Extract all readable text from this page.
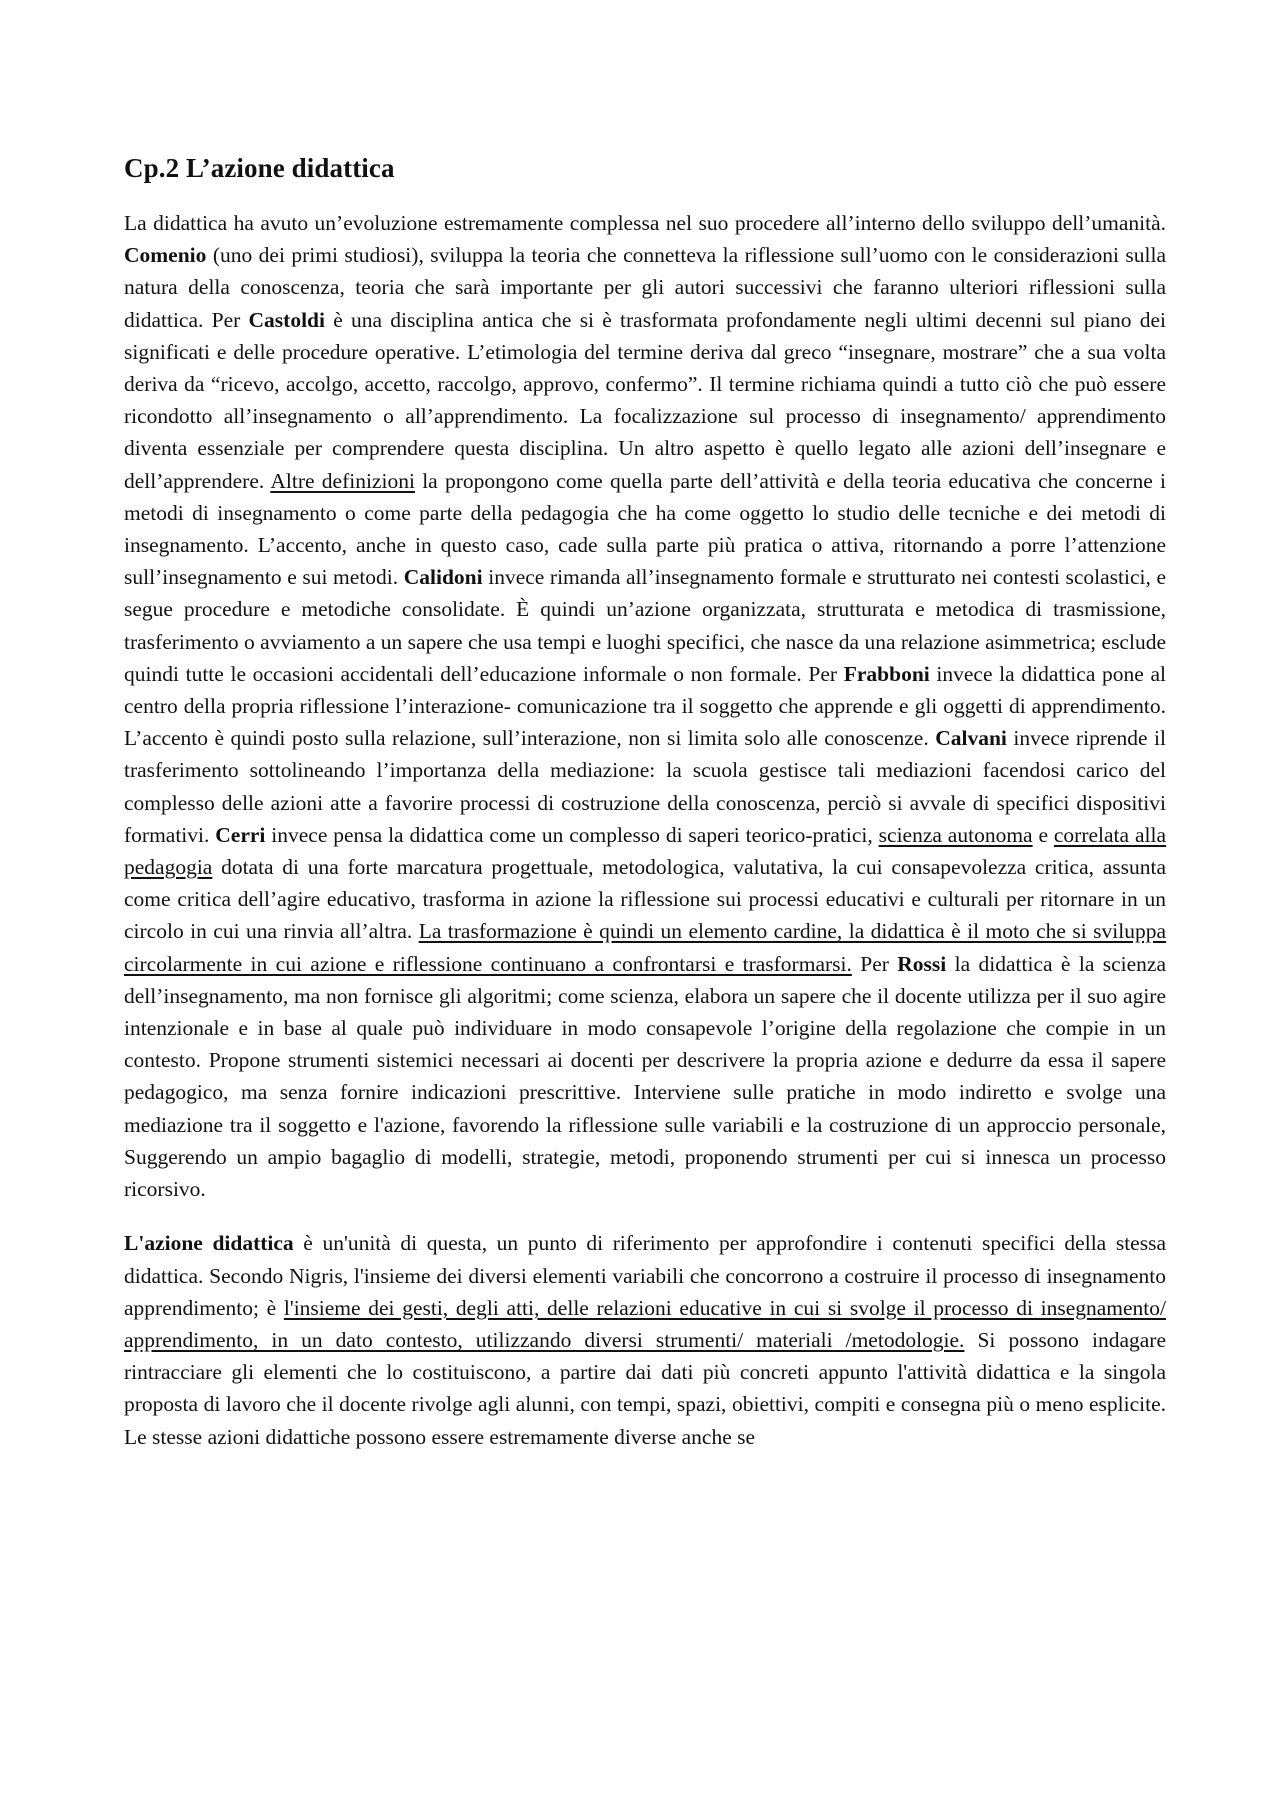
Cp.2 L’azione didattica

La didattica ha avuto un’evoluzione estremamente complessa nel suo procedere all’interno dello sviluppo dell’umanità. Comenio (uno dei primi studiosi), sviluppa la teoria che connetteva la riflessione sull’uomo con le considerazioni sulla natura della conoscenza, teoria che sarà importante per gli autori successivi che faranno ulteriori riflessioni sulla didattica. Per Castoldi è una disciplina antica che si è trasformata profondamente negli ultimi decenni sul piano dei significati e delle procedure operative. L’etimologia del termine deriva dal greco “insegnare, mostrare” che a sua volta deriva da “ricevo, accolgo, accetto, raccolgo, approvo, confermo”. Il termine richiama quindi a tutto ciò che può essere ricondotto all’insegnamento o all’apprendimento. La focalizzazione sul processo di insegnamento/ apprendimento diventa essenziale per comprendere questa disciplina. Un altro aspetto è quello legato alle azioni dell’insegnare e dell’apprendere. Altre definizioni la propongono come quella parte dell’attività e della teoria educativa che concerne i metodi di insegnamento o come parte della pedagogia che ha come oggetto lo studio delle tecniche e dei metodi di insegnamento. L’accento, anche in questo caso, cade sulla parte più pratica o attiva, ritornando a porre l’attenzione sull’insegnamento e sui metodi. Calidoni invece rimanda all’insegnamento formale e strutturato nei contesti scolastici, e segue procedure e metodiche consolidate. È quindi un’azione organizzata, strutturata e metodica di trasmissione, trasferimento o avviamento a un sapere che usa tempi e luoghi specifici, che nasce da una relazione asimmetrica; esclude quindi tutte le occasioni accidentali dell’educazione informale o non formale. Per Frabboni invece la didattica pone al centro della propria riflessione l’interazione- comunicazione tra il soggetto che apprende e gli oggetti di apprendimento. L’accento è quindi posto sulla relazione, sull’interazione, non si limita solo alle conoscenze. Calvani invece riprende il trasferimento sottolineando l’importanza della mediazione: la scuola gestisce tali mediazioni facendosi carico del complesso delle azioni atte a favorire processi di costruzione della conoscenza, perciò si avvale di specifici dispositivi formativi. Cerri invece pensa la didattica come un complesso di saperi teorico-pratici, scienza autonoma e correlata alla pedagogia dotata di una forte marcatura progettuale, metodologica, valutativa, la cui consapevolezza critica, assunta come critica dell’agire educativo, trasforma in azione la riflessione sui processi educativi e culturali per ritornare in un circolo in cui una rinvia all’altra. La trasformazione è quindi un elemento cardine, la didattica è il moto che si sviluppa circolarmente in cui azione e riflessione continuano a confrontarsi e trasformarsi. Per Rossi la didattica è la scienza dell’insegnamento, ma non fornisce gli algoritmi; come scienza, elabora un sapere che il docente utilizza per il suo agire intenzionale e in base al quale può individuare in modo consapevole l’origine della regolazione che compie in un contesto. Propone strumenti sistemici necessari ai docenti per descrivere la propria azione e dedurre da essa il sapere pedagogico, ma senza fornire indicazioni prescrittive. Interviene sulle pratiche in modo indiretto e svolge una mediazione tra il soggetto e l'azione, favorendo la riflessione sulle variabili e la costruzione di un approccio personale, Suggerendo un ampio bagaglio di modelli, strategie, metodi, proponendo strumenti per cui si innesca un processo ricorsivo.

L'azione didattica è un'unità di questa, un punto di riferimento per approfondire i contenuti specifici della stessa didattica. Secondo Nigris, l'insieme dei diversi elementi variabili che concorrono a costruire il processo di insegnamento apprendimento; è l'insieme dei gesti, degli atti, delle relazioni educative in cui si svolge il processo di insegnamento/ apprendimento, in un dato contesto, utilizzando diversi strumenti/ materiali /metodologie. Si possono indagare rintracciare gli elementi che lo costituiscono, a partire dai dati più concreti appunto l'attività didattica e la singola proposta di lavoro che il docente rivolge agli alunni, con tempi, spazi, obiettivi, compiti e consegna più o meno esplicite. Le stesse azioni didattiche possono essere estremamente diverse anche se
